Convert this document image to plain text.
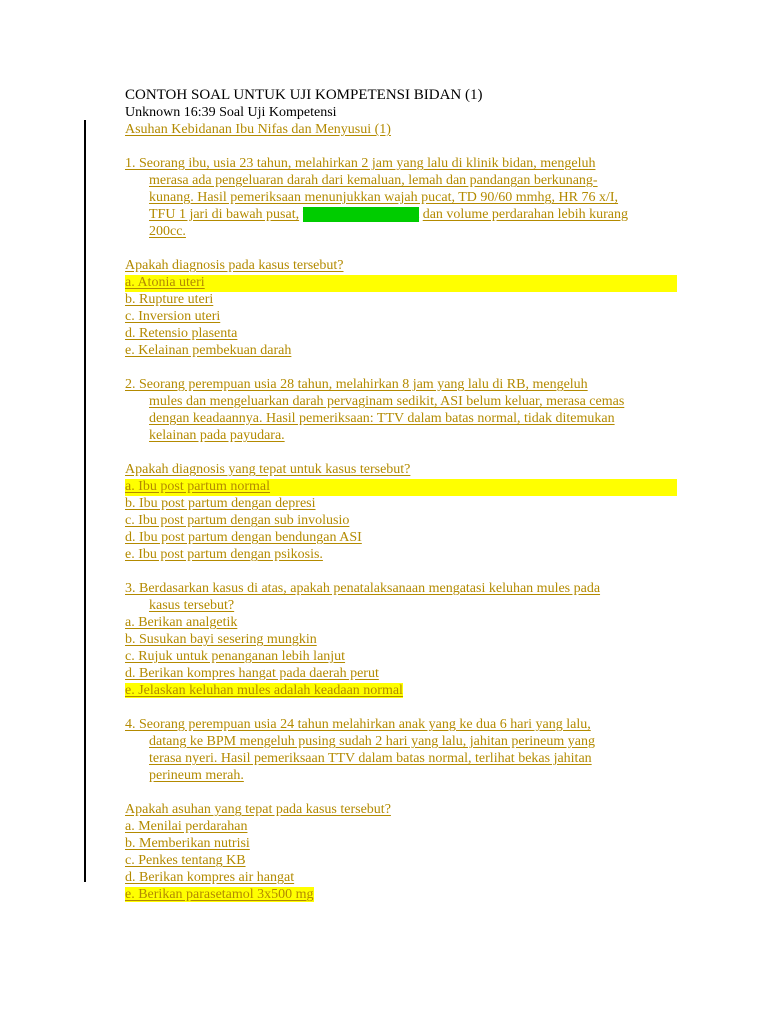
CONTOH SOAL UNTUK UJI KOMPETENSI BIDAN (1)
Unknown 16:39 Soal Uji Kompetensi
Asuhan Kebidanan Ibu Nifas dan Menyusui (1)
1. Seorang ibu, usia 23 tahun, melahirkan 2 jam yang lalu di klinik bidan, mengeluh
merasa ada pengeluaran darah dari kemaluan, lemah dan pandangan berkunang-
kunang. Hasil pemeriksaan menunjukkan wajah pucat, TD 90/60 mmhg, HR 76 x/I,
TFU 1 jari di bawah pusat, uterus teraba lembek dan volume perdarahan lebih kurang
200cc.
Apakah diagnosis pada kasus tersebut?
a. Atonia uteri
b. Rupture uteri
c. Inversion uteri
d. Retensio plasenta
e. Kelainan pembekuan darah
2. Seorang perempuan usia 28 tahun, melahirkan 8 jam yang lalu di RB, mengeluh
mules dan mengeluarkan darah pervaginam sedikit, ASI belum keluar, merasa cemas
dengan keadaannya. Hasil pemeriksaan: TTV dalam batas normal, tidak ditemukan
kelainan pada payudara.
Apakah diagnosis yang tepat untuk kasus tersebut?
a. Ibu post partum normal
b. Ibu post partum dengan depresi
c. Ibu post partum dengan sub involusio
d. Ibu post partum dengan bendungan ASI
e. Ibu post partum dengan psikosis.
3. Berdasarkan kasus di atas, apakah penatalaksanaan mengatasi keluhan mules pada
kasus tersebut?
a. Berikan analgetik
b. Susukan bayi sesering mungkin
c. Rujuk untuk penanganan lebih lanjut
d. Berikan kompres hangat pada daerah perut
e. Jelaskan keluhan mules adalah keadaan normal
4. Seorang perempuan usia 24 tahun melahirkan anak yang ke dua 6 hari yang lalu,
datang ke BPM mengeluh pusing sudah 2 hari yang lalu, jahitan perineum yang
terasa nyeri. Hasil pemeriksaan TTV dalam batas normal, terlihat bekas jahitan
perineum merah.
Apakah asuhan yang tepat pada kasus tersebut?
a. Menilai perdarahan
b. Memberikan nutrisi
c. Penkes tentang KB
d. Berikan kompres air hangat
e. Berikan parasetamol 3x500 mg
